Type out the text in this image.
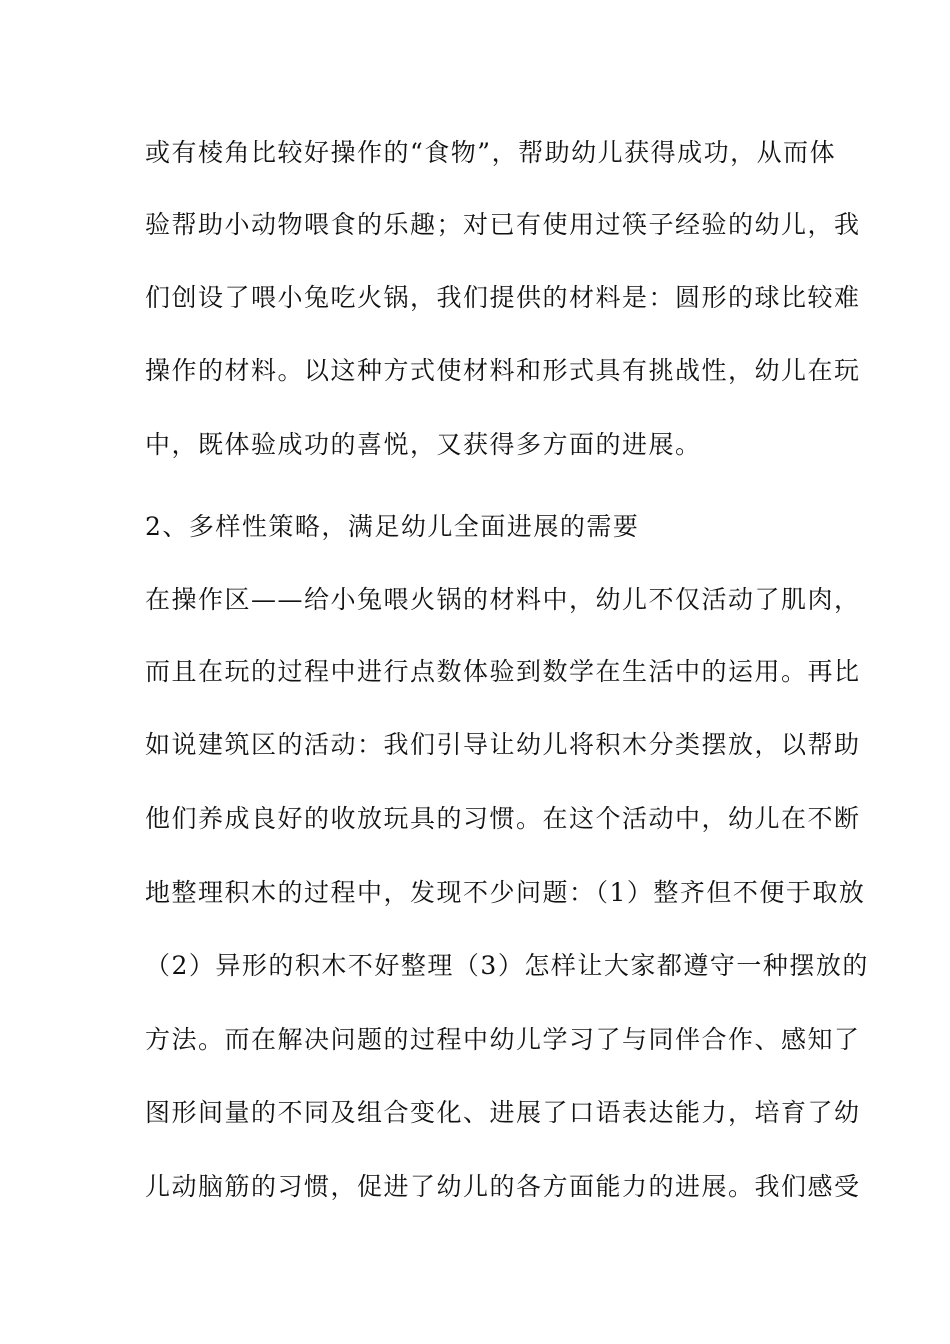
或有棱角比较好操作的“食物”，帮助幼儿获得成功，从而体
验帮助小动物喂食的乐趣；对已有使用过筷子经验的幼儿，我
们创设了喂小兔吃火锅，我们提供的材料是：圆形的球比较难
操作的材料。以这种方式使材料和形式具有挑战性，幼儿在玩
中，既体验成功的喜悦，又获得多方面的进展。
2、多样性策略，满足幼儿全面进展的需要
在操作区——给小兔喂火锅的材料中，幼儿不仅活动了肌肉，
而且在玩的过程中进行点数体验到数学在生活中的运用。再比
如说建筑区的活动：我们引导让幼儿将积木分类摆放，以帮助
他们养成良好的收放玩具的习惯。在这个活动中，幼儿在不断
地整理积木的过程中，发现不少问题：（1）整齐但不便于取放
（2）异形的积木不好整理（3）怎样让大家都遵守一种摆放的
方法。而在解决问题的过程中幼儿学习了与同伴合作、感知了
图形间量的不同及组合变化、进展了口语表达能力，培育了幼
儿动脑筋的习惯，促进了幼儿的各方面能力的进展。我们感受
